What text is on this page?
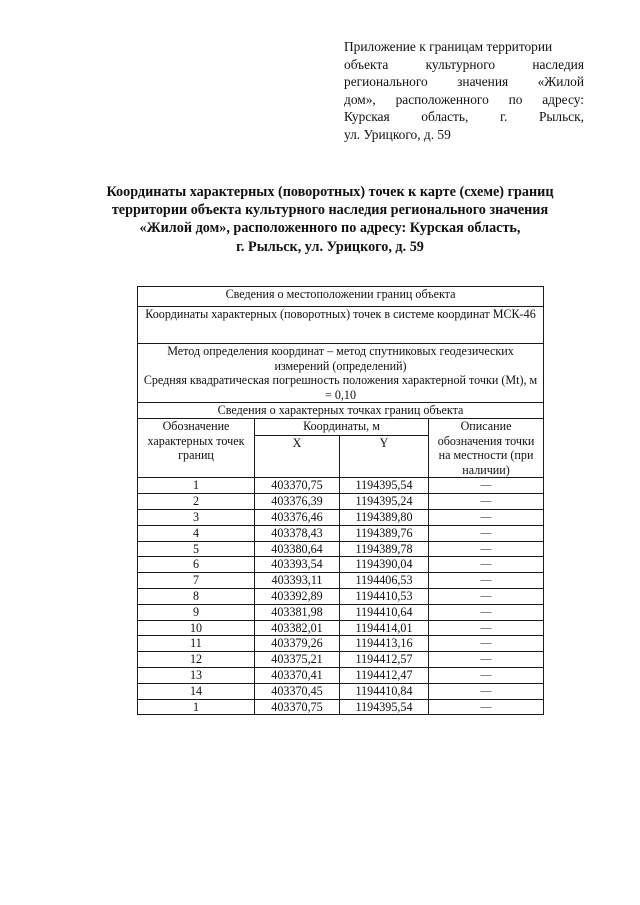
Приложение к границам территории
объекта	культурного	наследия
регионального значения «Жилой
дом», расположенного по адресу:
Курская область, г. Рыльск,
ул. Урицкого, д. 59
Координаты характерных (поворотных) точек к карте (схеме) границ
территории объекта культурного наследия регионального значения
«Жилой дом», расположенного по адресу: Курская область,
г. Рыльск, ул. Урицкого, д. 59
Сведения о местоположении границ объекта			
Координаты характерных (поворотных) точек в системе координат МСК-46			

Метод определения координат – метод спутниковых геодезических измерений (определений)
Средняя квадратическая погрешность положения характерной точки (Mt), м = 0,10			

Сведения о характерных точках границ объекта			
Обозначение характерных точек границ	Координаты, м		Описание обозначения точки на местности (при наличии)
	X	Y	
1	403370,75	1194395,54	—
2	403376,39	1194395,24	—
3	403376,46	1194389,80	—
4	403378,43	1194389,76	—
5	403380,64	1194389,78	—
6	403393,54	1194390,04	—
7	403393,11	1194406,53	—
8	403392,89	1194410,53	—
9	403381,98	1194410,64	—
10	403382,01	1194414,01	—
11	403379,26	1194413,16	—
12	403375,21	1194412,57	—
13	403370,41	1194412,47	—
14	403370,45	1194410,84	—
1	403370,75	1194395,54	—
